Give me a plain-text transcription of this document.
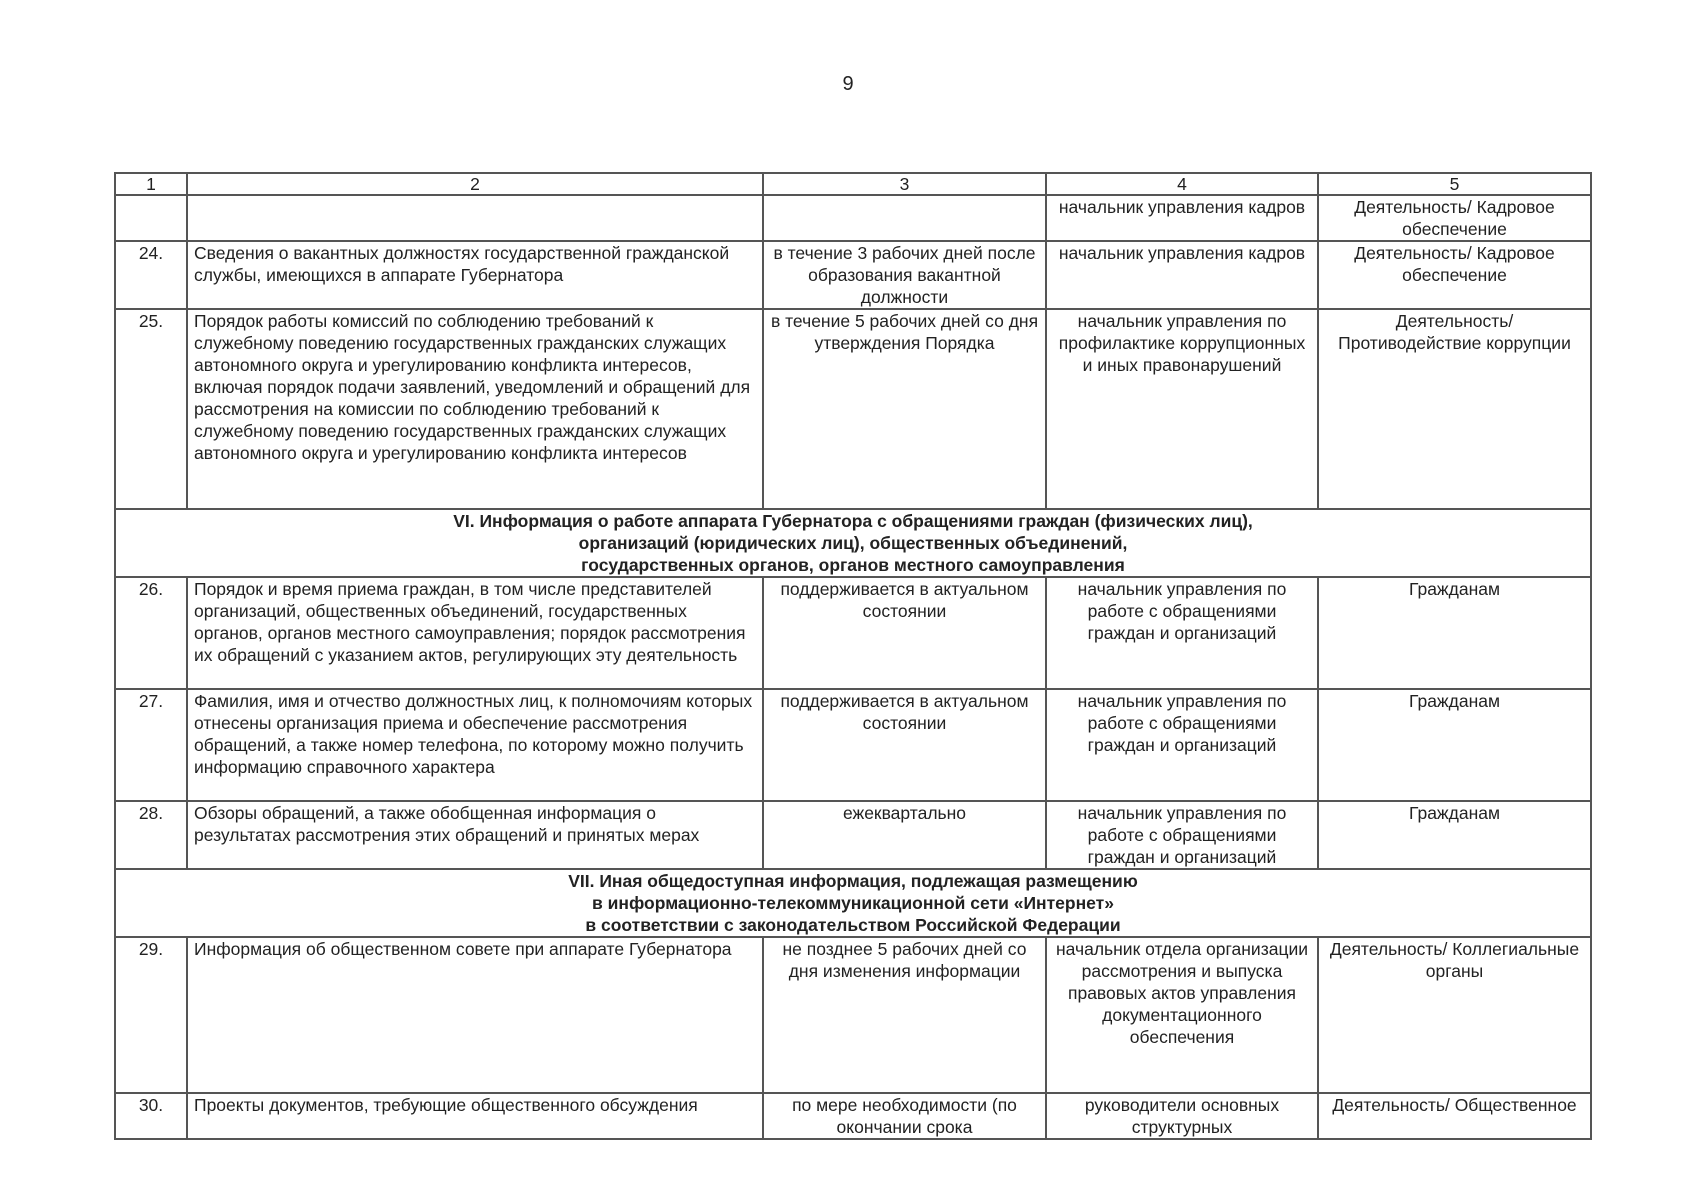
9
1	2	3	4	5
			начальник управления кадров	Деятельность/ Кадровое обеспечение
24.	Сведения о вакантных должностях государственной гражданской службы, имеющихся в аппарате Губернатора	в течение 3 рабочих дней после образования вакантной должности	начальник управления кадров	Деятельность/ Кадровое обеспечение
25.	Порядок работы комиссий по соблюдению требований к служебному поведению государственных гражданских служащих автономного округа и урегулированию конфликта интересов, включая порядок подачи заявлений, уведомлений и обращений для рассмотрения на комиссии по соблюдению требований к служебному поведению государственных гражданских служащих автономного округа и урегулированию конфликта интересов	в течение 5 рабочих дней со дня утверждения Порядка	начальник управления по профилактике коррупционных и иных правонарушений	Деятельность/ Противодействие коррупции

VI. Информация о работе аппарата Губернатора с обращениями граждан (физических лиц),
организаций (юридических лиц), общественных объединений,
государственных органов, органов местного самоуправления				

26.	Порядок и время приема граждан, в том числе представителей организаций, общественных объединений, государственных органов, органов местного самоуправления; порядок рассмотрения их обращений с указанием актов, регулирующих эту деятельность	поддерживается в актуальном состоянии	начальник управления по работе с обращениями граждан и организаций	Гражданам
27.	Фамилия, имя и отчество должностных лиц, к полномочиям которых отнесены организация приема и обеспечение рассмотрения обращений, а также номер телефона, по которому можно получить информацию справочного характера	поддерживается в актуальном состоянии	начальник управления по работе с обращениями граждан и организаций	Гражданам
28.	Обзоры обращений, а также обобщенная информация о результатах рассмотрения этих обращений и принятых мерах	ежеквартально	начальник управления по работе с обращениями граждан и организаций	Гражданам

VII. Иная общедоступная информация, подлежащая размещению
в информационно-телекоммуникационной сети «Интернет»
в соответствии с законодательством Российской Федерации				

29.	Информация об общественном совете при аппарате Губернатора	не позднее 5 рабочих дней со дня изменения информации	начальник отдела организации рассмотрения и выпуска правовых актов управления документационного обеспечения	Деятельность/ Коллегиальные органы
30.	Проекты документов, требующие общественного обсуждения	по мере необходимости (по окончании срока	руководители основных структурных	Деятельность/ Общественное
